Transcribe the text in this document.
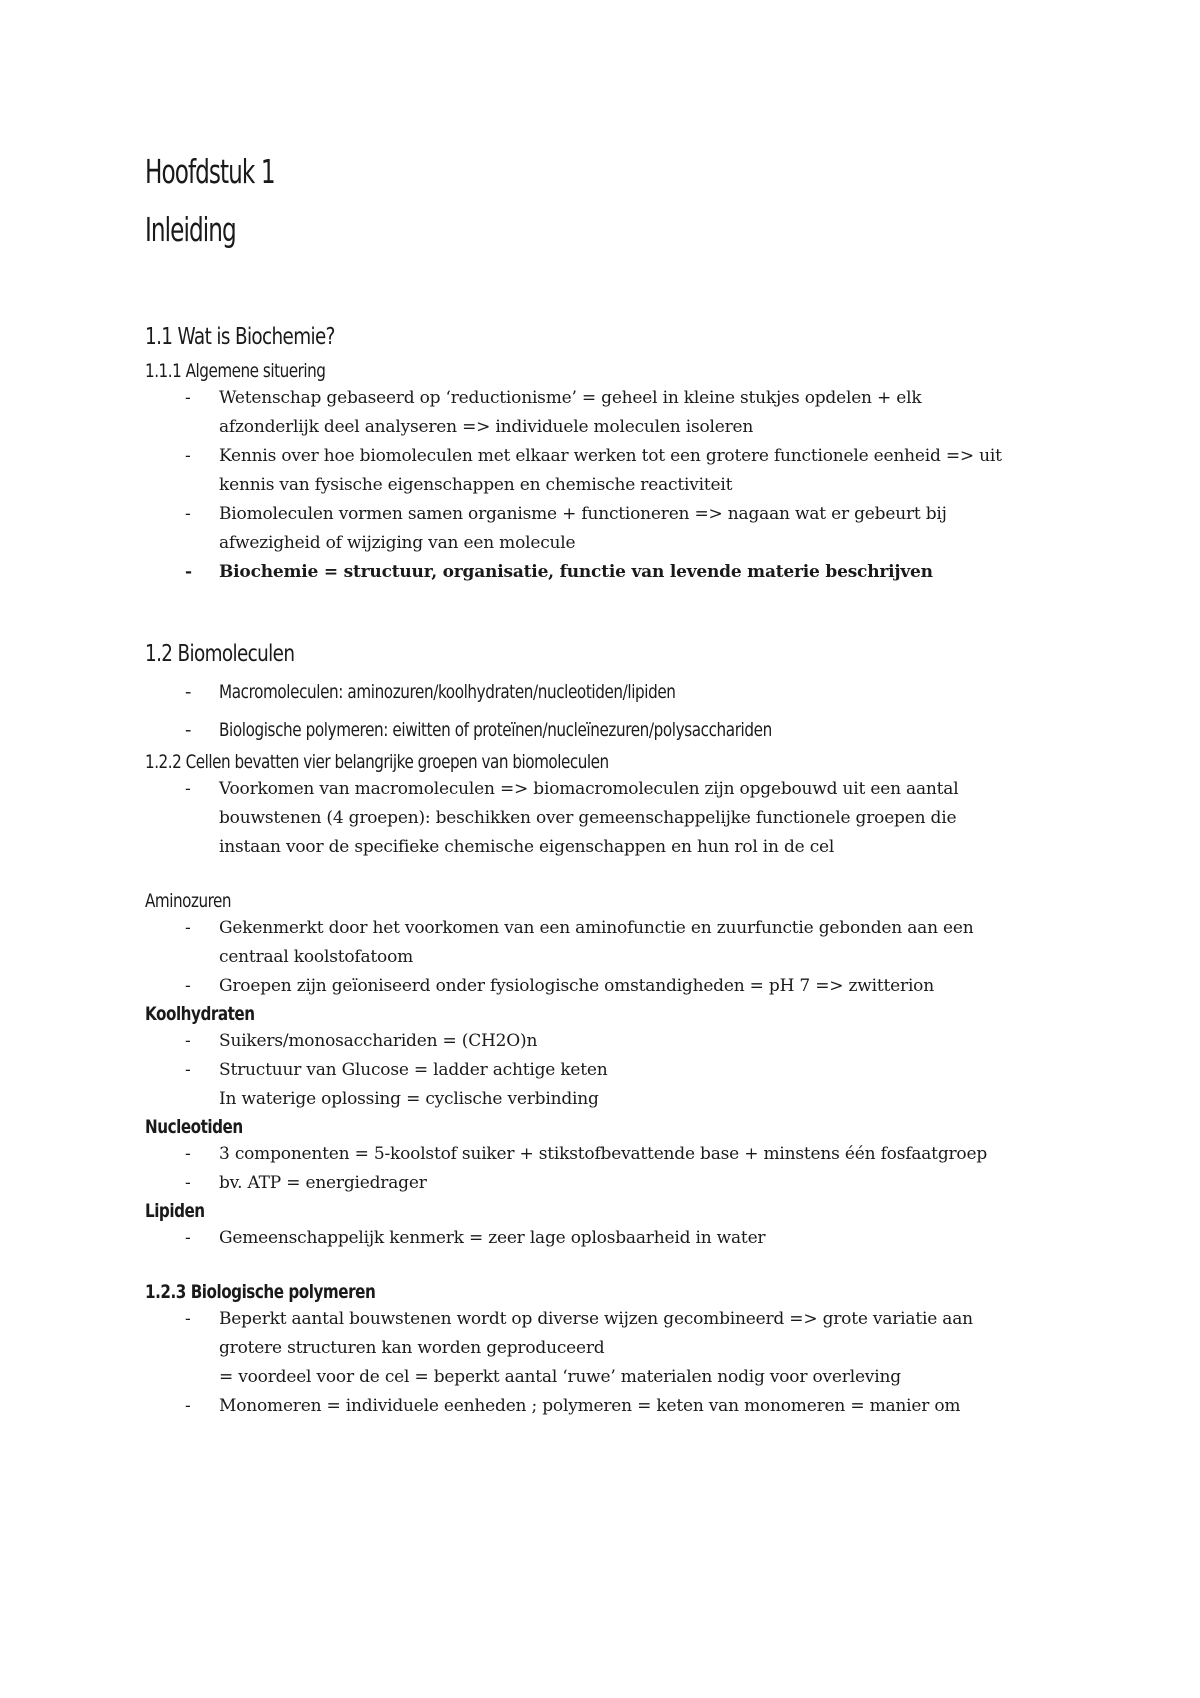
Hoofdstuk 1
Inleiding
1.1 Wat is Biochemie?
1.1.1 Algemene situering
- Wetenschap gebaseerd op ‘reductionisme’ = geheel in kleine stukjes opdelen + elk
afzonderlijk deel analyseren => individuele moleculen isoleren
- Kennis over hoe biomoleculen met elkaar werken tot een grotere functionele eenheid => uit
kennis van fysische eigenschappen en chemische reactiviteit
- Biomoleculen vormen samen organisme + functioneren => nagaan wat er gebeurt bij
afwezigheid of wijziging van een molecule
- Biochemie = structuur, organisatie, functie van levende materie beschrijven
1.2 Biomoleculen
- Macromoleculen: aminozuren/koolhydraten/nucleotiden/lipiden
- Biologische polymeren: eiwitten of proteïnen/nucleïnezuren/polysacchariden
1.2.2 Cellen bevatten vier belangrijke groepen van biomoleculen
- Voorkomen van macromoleculen => biomacromoleculen zijn opgebouwd uit een aantal
bouwstenen (4 groepen): beschikken over gemeenschappelijke functionele groepen die
instaan voor de specifieke chemische eigenschappen en hun rol in de cel
Aminozuren
- Gekenmerkt door het voorkomen van een aminofunctie en zuurfunctie gebonden aan een
centraal koolstofatoom
- Groepen zijn geïoniseerd onder fysiologische omstandigheden = pH 7 => zwitterion
Koolhydraten
- Suikers/monosacchariden = (CH2O)n
- Structuur van Glucose = ladder achtige keten
In waterige oplossing = cyclische verbinding
Nucleotiden
- 3 componenten = 5-koolstof suiker + stikstofbevattende base + minstens één fosfaatgroep
- bv. ATP = energiedrager
Lipiden
- Gemeenschappelijk kenmerk = zeer lage oplosbaarheid in water
1.2.3 Biologische polymeren
- Beperkt aantal bouwstenen wordt op diverse wijzen gecombineerd => grote variatie aan
grotere structuren kan worden geproduceerd
= voordeel voor de cel = beperkt aantal ‘ruwe’ materialen nodig voor overleving
- Monomeren = individuele eenheden ; polymeren = keten van monomeren = manier om
